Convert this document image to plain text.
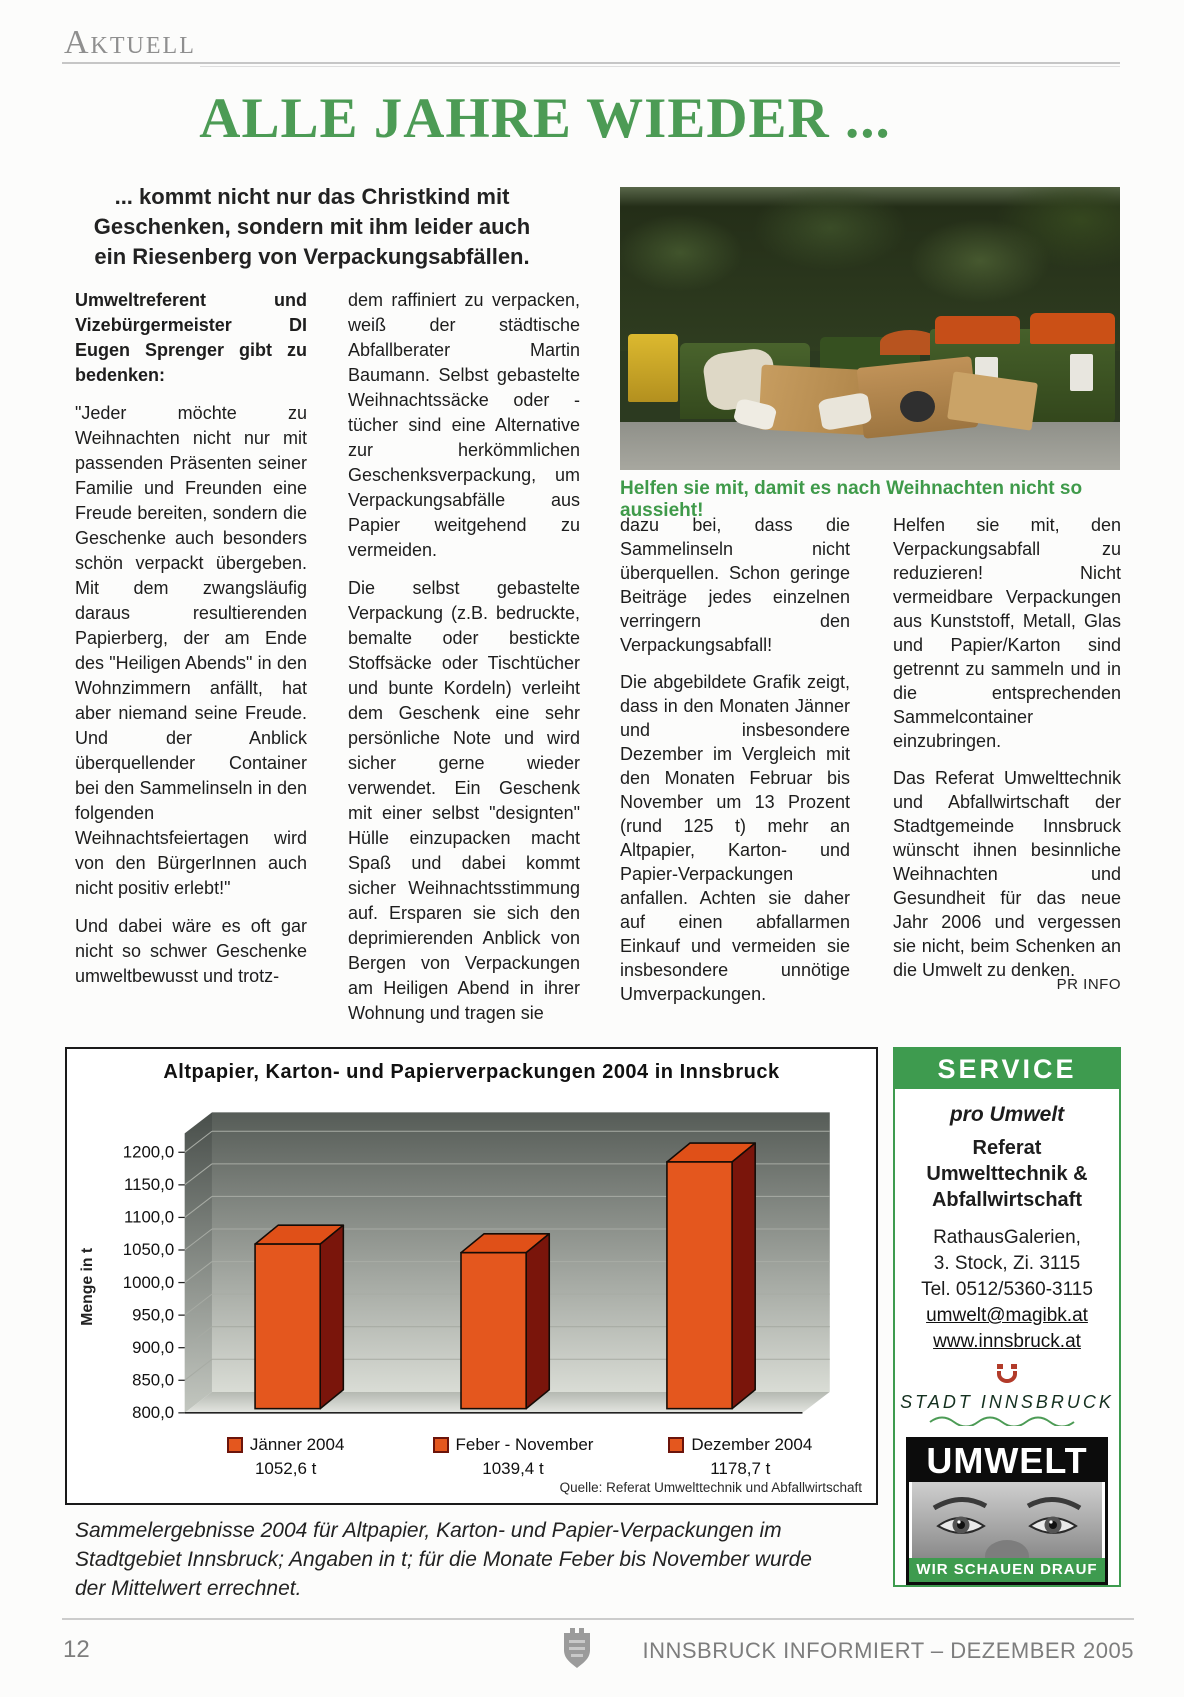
Aktuell
ALLE JAHRE WIEDER ...
... kommt nicht nur das Christkind mit Geschenken, sondern mit ihm leider auch ein Riesenberg von Verpackungsabfällen.

Umweltreferent und Vizebürgermeister DI Eugen Sprenger gibt zu bedenken:

"Jeder möchte zu Weihnachten nicht nur mit passenden Präsenten seiner Familie und Freunden eine Freude bereiten, sondern die Geschenke auch besonders schön verpackt übergeben. Mit dem zwangsläufig daraus resultierenden Papierberg, der am Ende des "Heiligen Abends" in den Wohnzimmern anfällt, hat aber niemand seine Freude. Und der Anblick überquellender Container bei den Sammelinseln in den folgenden Weihnachtsfeiertagen wird von den BürgerInnen auch nicht positiv erlebt!"

Und dabei wäre es oft gar nicht so schwer Geschenke umweltbewusst und trotz-

dem raffiniert zu verpacken, weiß der städtische Abfallberater Martin Baumann. Selbst gebastelte Weihnachtssäcke oder -tücher sind eine Alternative zur herkömmlichen Geschenksverpackung, um Verpackungsabfälle aus Papier weitgehend zu vermeiden.

Die selbst gebastelte Verpackung (z.B. bedruckte, bemalte oder bestickte Stoffsäcke oder Tischtücher und bunte Kordeln) verleiht dem Geschenk eine sehr persönliche Note und wird sicher gerne wieder verwendet. Ein Geschenk mit einer selbst "designten" Hülle einzupacken macht Spaß und dabei kommt sicher Weihnachtsstimmung auf. Ersparen sie sich den deprimierenden Anblick von Bergen von Verpackungen am Heiligen Abend in ihrer Wohnung und tragen sie

dazu bei, dass die Sammelinseln nicht überquellen. Schon geringe Beiträge jedes einzelnen verringern den Verpackungsabfall!

Die abgebildete Grafik zeigt, dass in den Monaten Jänner und insbesondere Dezember im Vergleich mit den Monaten Februar bis November um 13 Prozent (rund 125 t) mehr an Altpapier, Karton- und Papier-Verpackungen anfallen. Achten sie daher auf einen abfallarmen Einkauf und vermeiden sie insbesondere unnötige Umverpackungen.

Helfen sie mit, den Verpackungsabfall zu reduzieren! Nicht vermeidbare Verpackungen aus Kunststoff, Metall, Glas und Papier/Karton sind getrennt zu sammeln und in die entsprechenden Sammelcontainer einzubringen.

Das Referat Umwelttechnik und Abfallwirtschaft der Stadtgemeinde Innsbruck wünscht ihnen besinnliche Weihnachten und Gesundheit für das neue Jahr 2006 und vergessen sie nicht, beim Schenken an die Umwelt zu denken.

PR INFO
Helfen sie mit, damit es nach Weihnachten nicht so aussieht!
Altpapier, Karton- und Papierverpackungen 2004 in Innsbruck
800,0
850,0
900,0
950,0
1000,0
1050,0
1100,0
1150,0
1200,0
Menge in t
Jänner 2004
1052,6 t
Feber - November
1039,4 t
Dezember 2004
1178,7 t
Quelle: Referat Umwelttechnik und Abfallwirtschaft
Sammelergebnisse 2004 für Altpapier, Karton- und Papier-Verpackungen im Stadtgebiet Innsbruck; Angaben in t; für die Monate Feber bis November wurde der Mittelwert errechnet.
SERVICE
pro Umwelt
Referat
Umwelttechnik &
Abfallwirtschaft
RathausGalerien,
3. Stock, Zi. 3115
Tel. 0512/5360-3115
umwelt@magibk.at
www.innsbruck.at
STADT INNSBRUCK
UMWELT
WIR SCHAUEN DRAUF
12	INNSBRUCK INFORMIERT – DEZEMBER 2005
